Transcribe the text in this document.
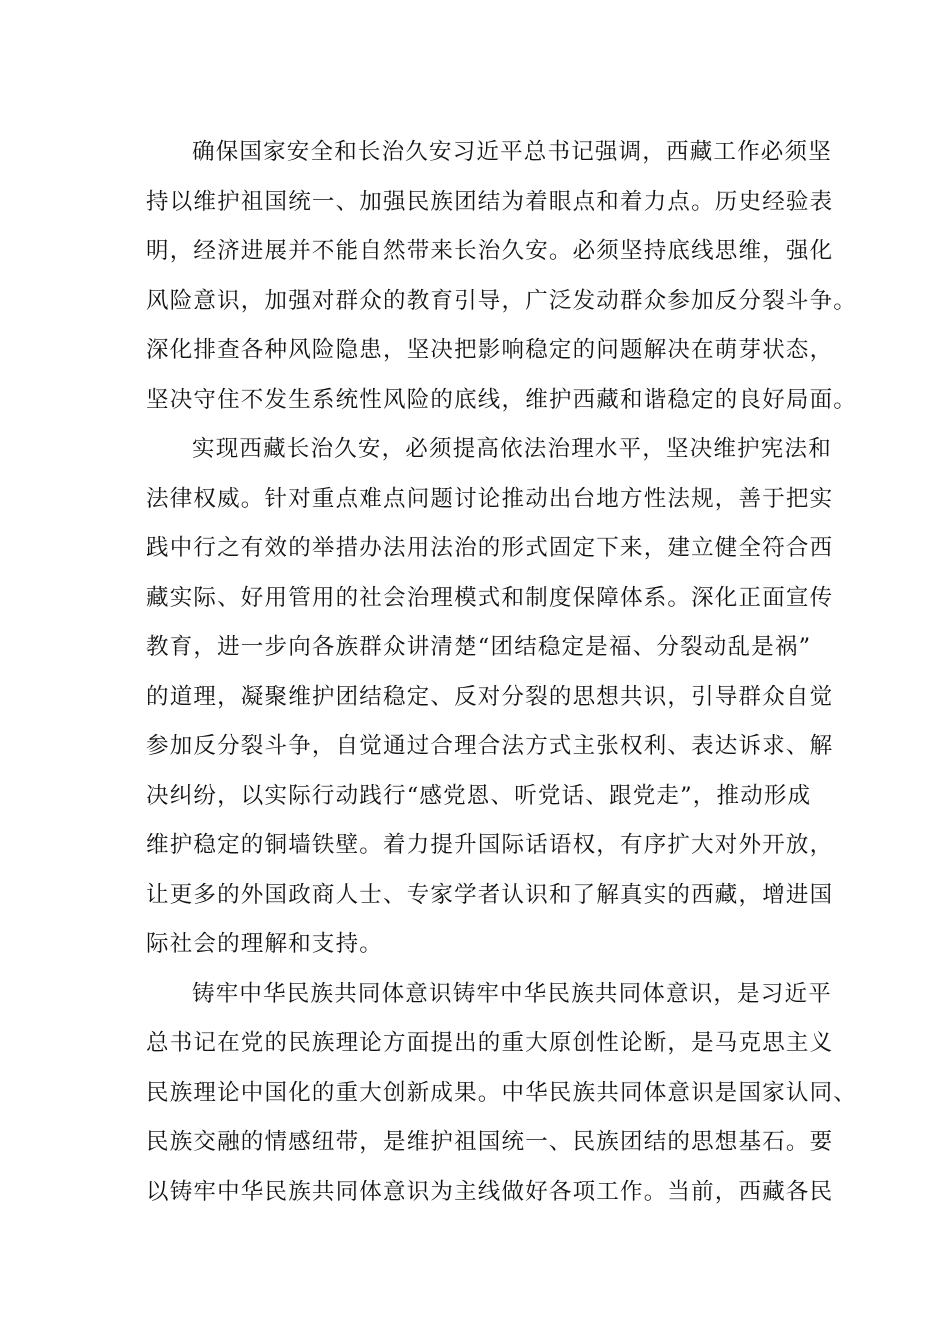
确保国家安全和长治久安习近平总书记强调，西藏工作必须坚
持以维护祖国统一、加强民族团结为着眼点和着力点。历史经验表
明，经济进展并不能自然带来长治久安。必须坚持底线思维，强化
风险意识，加强对群众的教育引导，广泛发动群众参加反分裂斗争。
深化排查各种风险隐患，坚决把影响稳定的问题解决在萌芽状态，
坚决守住不发生系统性风险的底线，维护西藏和谐稳定的良好局面。
实现西藏长治久安，必须提高依法治理水平，坚决维护宪法和
法律权威。针对重点难点问题讨论推动出台地方性法规，善于把实
践中行之有效的举措办法用法治的形式固定下来，建立健全符合西
藏实际、好用管用的社会治理模式和制度保障体系。深化正面宣传
教育，进一步向各族群众讲清楚“团结稳定是福、分裂动乱是祸”
的道理，凝聚维护团结稳定、反对分裂的思想共识，引导群众自觉
参加反分裂斗争，自觉通过合理合法方式主张权利、表达诉求、解
决纠纷，以实际行动践行“感党恩、听党话、跟党走”，推动形成
维护稳定的铜墙铁壁。着力提升国际话语权，有序扩大对外开放，
让更多的外国政商人士、专家学者认识和了解真实的西藏，增进国
际社会的理解和支持。
铸牢中华民族共同体意识铸牢中华民族共同体意识，是习近平
总书记在党的民族理论方面提出的重大原创性论断，是马克思主义
民族理论中国化的重大创新成果。中华民族共同体意识是国家认同、
民族交融的情感纽带，是维护祖国统一、民族团结的思想基石。要
以铸牢中华民族共同体意识为主线做好各项工作。当前，西藏各民
